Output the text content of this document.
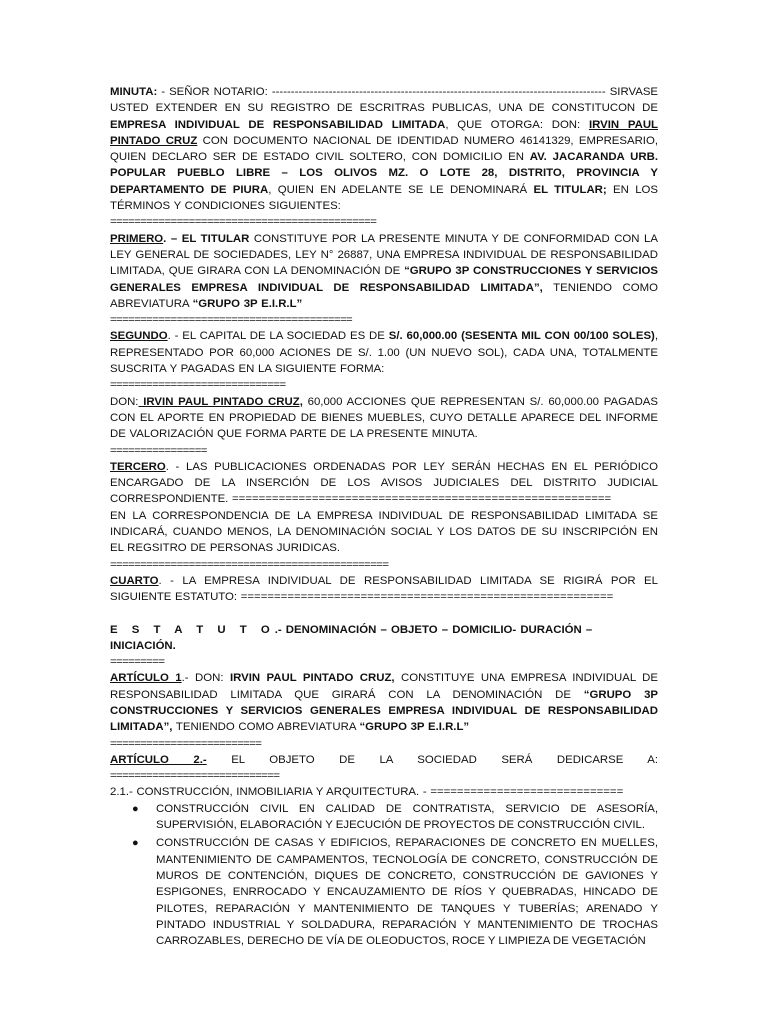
MINUTA: - SEÑOR NOTARIO: ---------------------------------------------------------------------------------------- SIRVASE USTED EXTENDER EN SU REGISTRO DE ESCRITRAS PUBLICAS, UNA DE CONSTITUCON DE EMPRESA INDIVIDUAL DE RESPONSABILIDAD LIMITADA, QUE OTORGA: DON: IRVIN PAUL PINTADO CRUZ CON DOCUMENTO NACIONAL DE IDENTIDAD NUMERO 46141329, EMPRESARIO, QUIEN DECLARO SER DE ESTADO CIVIL SOLTERO, CON DOMICILIO EN AV. JACARANDA URB. POPULAR PUEBLO LIBRE – LOS OLIVOS MZ. O LOTE 28, DISTRITO, PROVINCIA Y DEPARTAMENTO DE PIURA, QUIEN EN ADELANTE SE LE DENOMINARÁ EL TITULAR; EN LOS TÉRMINOS Y CONDICIONES SIGUIENTES:

============================================

PRIMERO. – EL TITULAR CONSTITUYE POR LA PRESENTE MINUTA Y DE CONFORMIDAD CON LA LEY GENERAL DE SOCIEDADES, LEY N° 26887, UNA EMPRESA INDIVIDUAL DE RESPONSABILIDAD LIMITADA, QUE GIRARA CON LA DENOMINACIÓN DE “GRUPO 3P CONSTRUCCIONES Y SERVICIOS GENERALES EMPRESA INDIVIDUAL DE RESPONSABILIDAD LIMITADA”, TENIENDO COMO ABREVIATURA “GRUPO 3P E.I.R.L”

========================================

SEGUNDO. - EL CAPITAL DE LA SOCIEDAD ES DE S/. 60,000.00 (SESENTA MIL CON 00/100 SOLES), REPRESENTADO POR 60,000 ACIONES DE S/. 1.00 (UN NUEVO SOL), CADA UNA, TOTALMENTE SUSCRITA Y PAGADAS EN LA SIGUIENTE FORMA:

=============================

DON: IRVIN PAUL PINTADO CRUZ, 60,000 ACCIONES QUE REPRESENTAN S/. 60,000.00 PAGADAS CON EL APORTE EN PROPIEDAD DE BIENES MUEBLES, CUYO DETALLE APARECE DEL INFORME DE VALORIZACIÓN QUE FORMA PARTE DE LA PRESENTE MINUTA.

================

TERCERO. - LAS PUBLICACIONES ORDENADAS POR LEY SERÁN HECHAS EN EL PERIÓDICO ENCARGADO DE LA INSERCIÓN DE LOS AVISOS JUDICIALES DEL DISTRITO JUDICIAL CORRESPONDIENTE. =========================================================

EN LA CORRESPONDENCIA DE LA EMPRESA INDIVIDUAL DE RESPONSABILIDAD LIMITADA SE INDICARÁ, CUANDO MENOS, LA DENOMINACIÓN SOCIAL Y LOS DATOS DE SU INSCRIPCIÓN EN EL REGSITRO DE PERSONAS JURIDICAS.

==============================================

CUARTO. - LA EMPRESA INDIVIDUAL DE RESPONSABILIDAD LIMITADA SE RIGIRÁ POR EL SIGUIENTE ESTATUTO: ========================================================

E S T A T U T O.- DENOMINACIÓN – OBJETO – DOMICILIO- DURACIÓN – INICIACIÓN.

=========

ARTÍCULO 1.- DON: IRVIN PAUL PINTADO CRUZ, CONSTITUYE UNA EMPRESA INDIVIDUAL DE RESPONSABILIDAD LIMITADA QUE GIRARÁ CON LA DENOMINACIÓN DE “GRUPO 3P CONSTRUCCIONES Y SERVICIOS GENERALES EMPRESA INDIVIDUAL DE RESPONSABILIDAD LIMITADA”, TENIENDO COMO ABREVIATURA “GRUPO 3P E.I.R.L”

=========================

ARTÍCULO 2.- EL OBJETO DE LA SOCIEDAD SERÁ DEDICARSE A:

============================

2.1.- CONSTRUCCIÓN, INMOBILIARIA Y ARQUITECTURA. - =============================

● CONSTRUCCIÓN CIVIL EN CALIDAD DE CONTRATISTA, SERVICIO DE ASESORÍA, SUPERVISIÓN, ELABORACIÓN Y EJECUCIÓN DE PROYECTOS DE CONSTRUCCIÓN CIVIL.
● CONSTRUCCIÓN DE CASAS Y EDIFICIOS, REPARACIONES DE CONCRETO EN MUELLES, MANTENIMIENTO DE CAMPAMENTOS, TECNOLOGÍA DE CONCRETO, CONSTRUCCIÓN DE MUROS DE CONTENCIÓN, DIQUES DE CONCRETO, CONSTRUCCIÓN DE GAVIONES Y ESPIGONES, ENRROCADO Y ENCAUZAMIENTO DE RÍOS Y QUEBRADAS, HINCADO DE PILOTES, REPARACIÓN Y MANTENIMIENTO DE TANQUES Y TUBERÍAS; ARENADO Y PINTADO INDUSTRIAL Y SOLDADURA, REPARACIÓN Y MANTENIMIENTO DE TROCHAS CARROZABLES, DERECHO DE VÍA DE OLEODUCTOS, ROCE Y LIMPIEZA DE VEGETACIÓN
